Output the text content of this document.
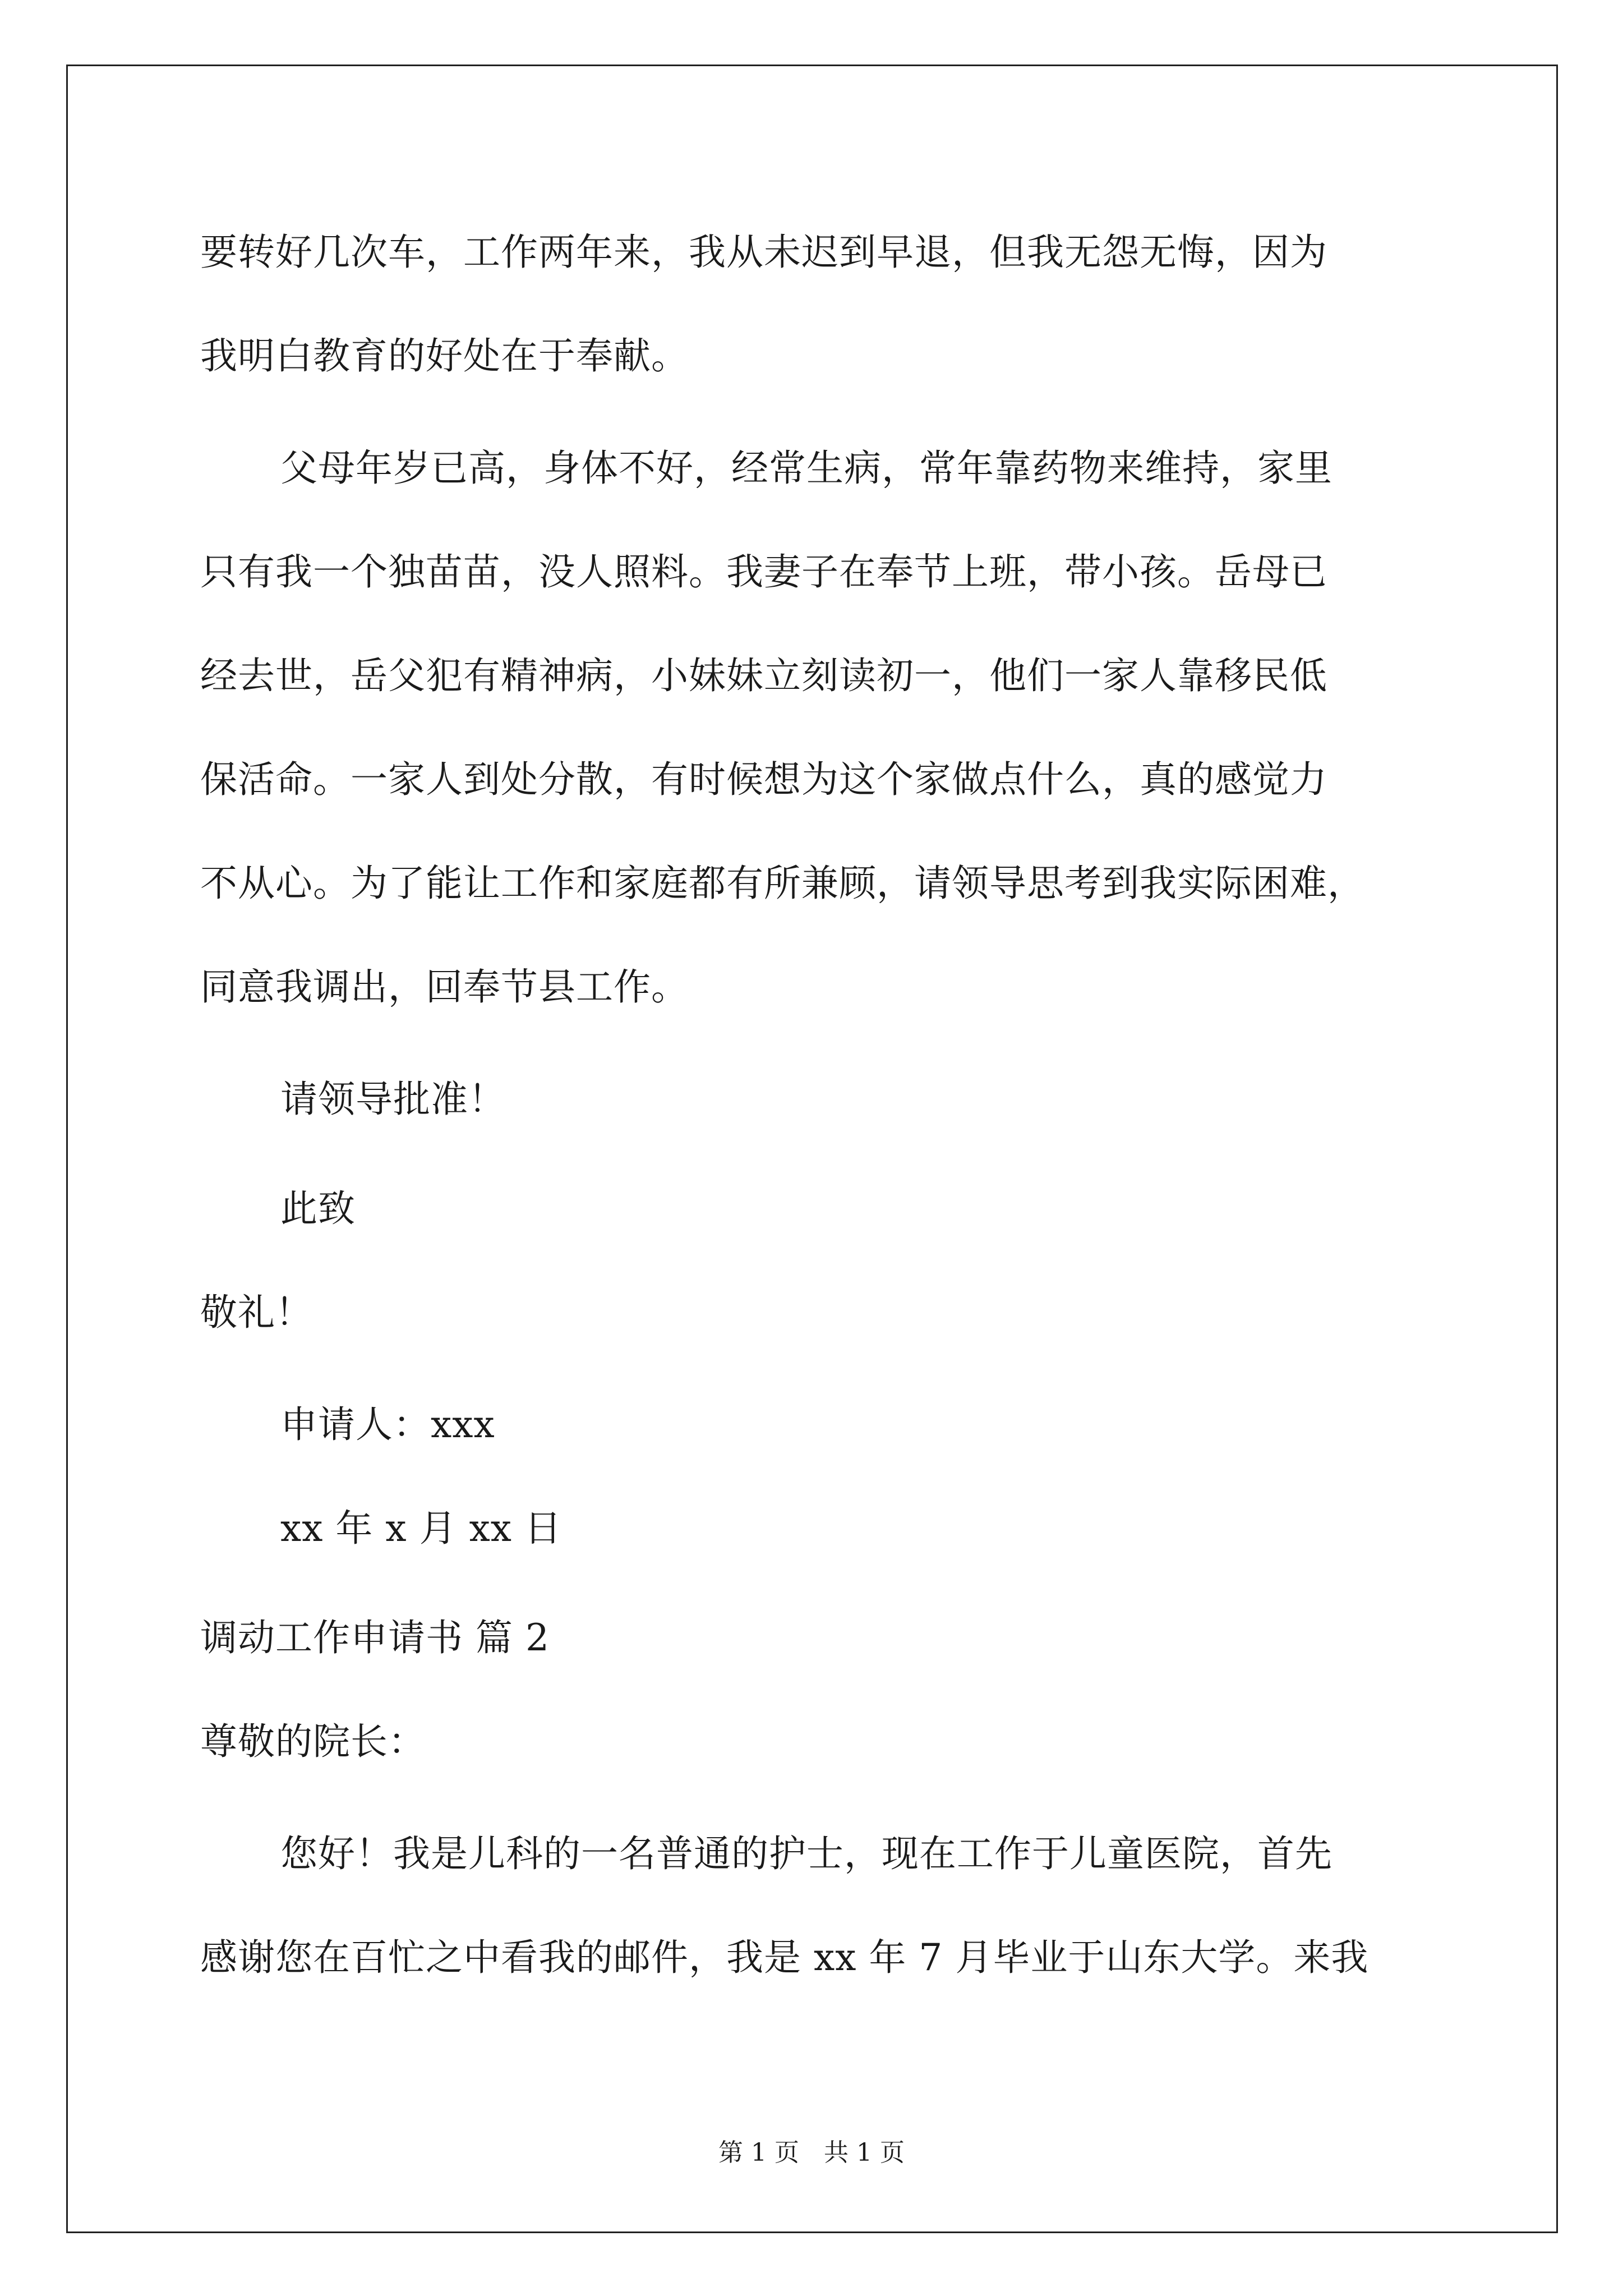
要转好几次车，工作两年来，我从未迟到早退，但我无怨无悔，因为
我明白教育的好处在于奉献。
父母年岁已高，身体不好，经常生病，常年靠药物来维持，家里
只有我一个独苗苗，没人照料。我妻子在奉节上班，带小孩。岳母已
经去世，岳父犯有精神病，小妹妹立刻读初一，他们一家人靠移民低
保活命。一家人到处分散，有时候想为这个家做点什么，真的感觉力
不从心。为了能让工作和家庭都有所兼顾，请领导思考到我实际困难，
同意我调出，回奉节县工作。
请领导批准！
此致
敬礼！
申请人：xxx
xx 年 x 月 xx 日
调动工作申请书 篇 2
尊敬的院长：
您好！我是儿科的一名普通的护士，现在工作于儿童医院，首先
感谢您在百忙之中看我的邮件，我是 xx 年 7 月毕业于山东大学。来我
第 1 页　共 1 页
